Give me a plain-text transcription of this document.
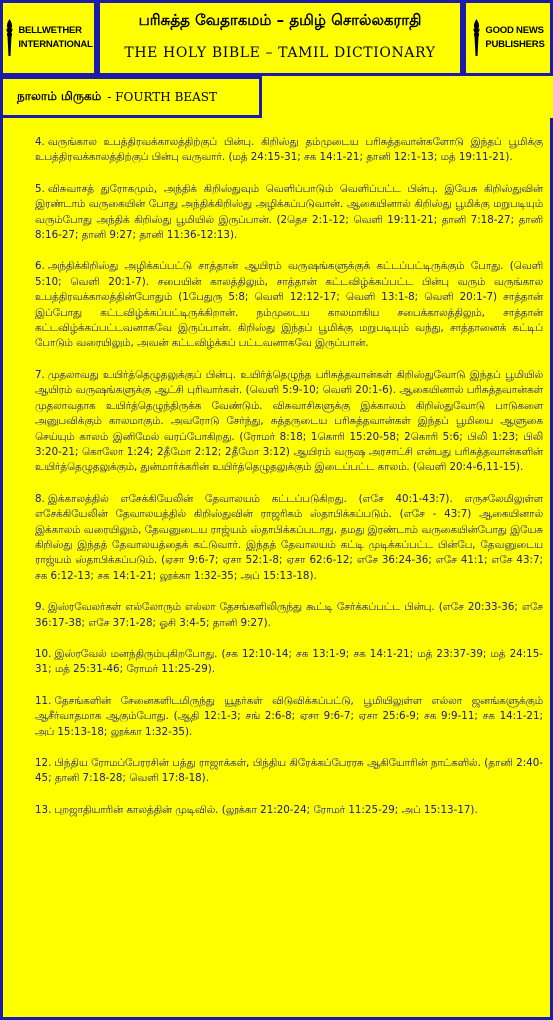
BELLWETHER
INTERNATIONAL
பரிசுத்த வேதாகமம் – தமிழ் சொல்லகராதி
THE HOLY BIBLE – TAMIL DICTIONARY
GOOD NEWS
PUBLISHERS
நாலாம் மிருகம் - FOURTH BEAST

4. வருங்கால உபத்திரவக்காலத்திற்குப் பின்பு. கிறிஸ்து தம்முடைய பரிசுத்தவான்களோடு இந்தப் பூமிக்கு உபத்திரவக்காலத்திற்குப் பின்பு வருவார். (மத் 24:15-31; சக 14:1-21; தானி 12:1-13; மத் 19:11-21).

5. விசுவாசத் துரோகமும், அந்திக் கிறிஸ்துவும் வெளிப்பாடும் வெளிப்பட்ட பின்பு. இயேசு கிறிஸ்துவின் இரண்டாம் வருகையின் போது அந்திக்கிறிஸ்து அழிக்கப்படுவான். ஆகையினால் கிறிஸ்து பூமிக்கு மறுபடியும் வரும்போது அந்திக் கிறிஸ்து பூமியில் இருப்பான். (2தெச 2:1-12; வெளி 19:11-21; தானி 7:18-27; தானி 8:16-27; தானி 9:27; தானி 11:36-12:13).

6. அந்திக்கிறிஸ்து அழிக்கப்பட்டு சாத்தான் ஆயிரம் வருஷங்களுக்குக் கட்டப்பட்டிருக்கும் போது. (வெளி 5:10; வெளி 20:1-7). சபையின் காலத்திலும், சாத்தான் கட்டவிழ்க்கப்பட்ட பின்பு வரும் வருங்கால உபத்திரவக்காலத்தின்போதும் (1பேதுரு 5:8; வெளி 12:12-17; வெளி 13:1-8; வெளி 20:1-7) சாத்தான் இப்போது கட்டவிழ்க்கப்பட்டிருக்கிறான். நம்முடைய காலமாகிய சபைக்காலத்திலும், சாத்தான் கட்டவிழ்க்கப்பட்டவனாகவே இருப்பான். கிறிஸ்து இந்தப் பூமிக்கு மறுபடியும் வந்து, சாத்தானைக் கட்டிப் போடும் வரையிலும், அவன் கட்டவிழ்க்கப் பட்டவனாகவே இருப்பான்.

7. முதலாவது உயிர்த்தெழுதலுக்குப் பின்பு. உயிர்த்தெழுந்த பரிசுத்தவான்கள் கிறிஸ்துவோடு இந்தப் பூமியில் ஆயிரம் வருஷங்களுக்கு ஆட்சி புரிவார்கள். (வெளி 5:9-10; வெளி 20:1-6). ஆகையினால் பரிசுத்தவான்கள் முதலாவதாக உயிர்த்தெழுந்திருக்க வேண்டும். விசுவாசிகளுக்கு இக்காலம் கிறிஸ்துவோடு பாடுகளை அனுபவிக்கும் காலமாகும். அவரோடு சேர்ந்து, சுத்தருடைய பரிசுத்தவான்கள் இந்தப் பூமியை ஆளுகை செய்யும் காலம் இனிமேல் வரப்போகிறது. (ரோமர் 8:18; 1கொரி 15:20-58; 2கொரி 5:6; பிலி 1:23; பிலி 3:20-21; கொலோ 1:24; 2தீமோ 2:12; 2தீமோ 3:12) ஆயிரம் வருஷ அரசாட்சி என்பது பரிசுத்தவான்களின் உயிர்த்தெழுதலுக்கும், துன்மார்க்கரின் உயிர்த்தெழுதலுக்கும் இடைப்பட்ட காலம். (வெளி 20:4-6,11-15).

8. இக்காலத்தில் எசேக்கியேலின் தேவாலயம் கட்டப்படுகிறது. (எசே 40:1-43:7). எருசலேமிலுள்ள எசேக்கியேலின் தேவாலயத்தில் கிறிஸ்துவின் ராஜரிகம் ஸ்தாபிக்கப்படும். (எசே - 43:7) ஆகையினால் இக்காலம் வரையிலும், தேவனுடைய ராஜ்யம் ஸ்தாபிக்கப்படாது. தமது இரண்டாம் வருகையின்போது இயேசு கிறிஸ்து இந்தத் தேவாலயத்தைக் கட்டுவார். இந்தத் தேவாலயம் கட்டி முடிக்கப்பட்ட பின்பே, தேவனுடைய ராஜ்யம் ஸ்தாபிக்கப்படும். (ஏசா 9:6-7; ஏசா 52:1-8; ஏசா 62:6-12; எசே 36:24-36; எசே 41:1; எசே 43:7; சக 6:12-13; சக 14:1-21; லூக்கா 1:32-35; அப் 15:13-18).

9. இஸ்ரவேலர்கள் எல்லோரும் எல்லா தேசங்களிலிருந்து கூட்டி சேர்க்கப்பட்ட பின்பு. (எசே 20:33-36; எசே 36:17-38; எசே 37:1-28; ஓசி 3:4-5; தானி 9:27).

10. இஸ்ரவேல் மனந்திரும்புகிறபோது. (சக 12:10-14; சக 13:1-9; சக 14:1-21; மத் 23:37-39; மத் 24:15-31; மத் 25:31-46; ரோமர் 11:25-29).

11. தேசங்களின் சேனைகளிடமிருந்து யூதர்கள் விடுவிக்கப்பட்டு, பூமியிலுள்ள எல்லா ஜனங்களுக்கும் ஆசீர்வாதமாக ஆகும்போது. (ஆதி 12:1-3; சங் 2:6-8; ஏசா 9:6-7; ஏசா 25:6-9; சக 9:9-11; சக 14:1-21; அப் 15:13-18; லூக்கா 1:32-35).

12. பிந்திய ரோமப்பேரரசின் பத்து ராஜாக்கள், பிந்திய கிரேக்கப்பேரரசு ஆகியோரின் நாட்களில். (தானி 2:40-45; தானி 7:18-28; வெளி 17:8-18).

13. புறஜாதியாரின் காலத்தின் முடிவில். (லூக்கா 21:20-24; ரோமர் 11:25-29; அப் 15:13-17).
